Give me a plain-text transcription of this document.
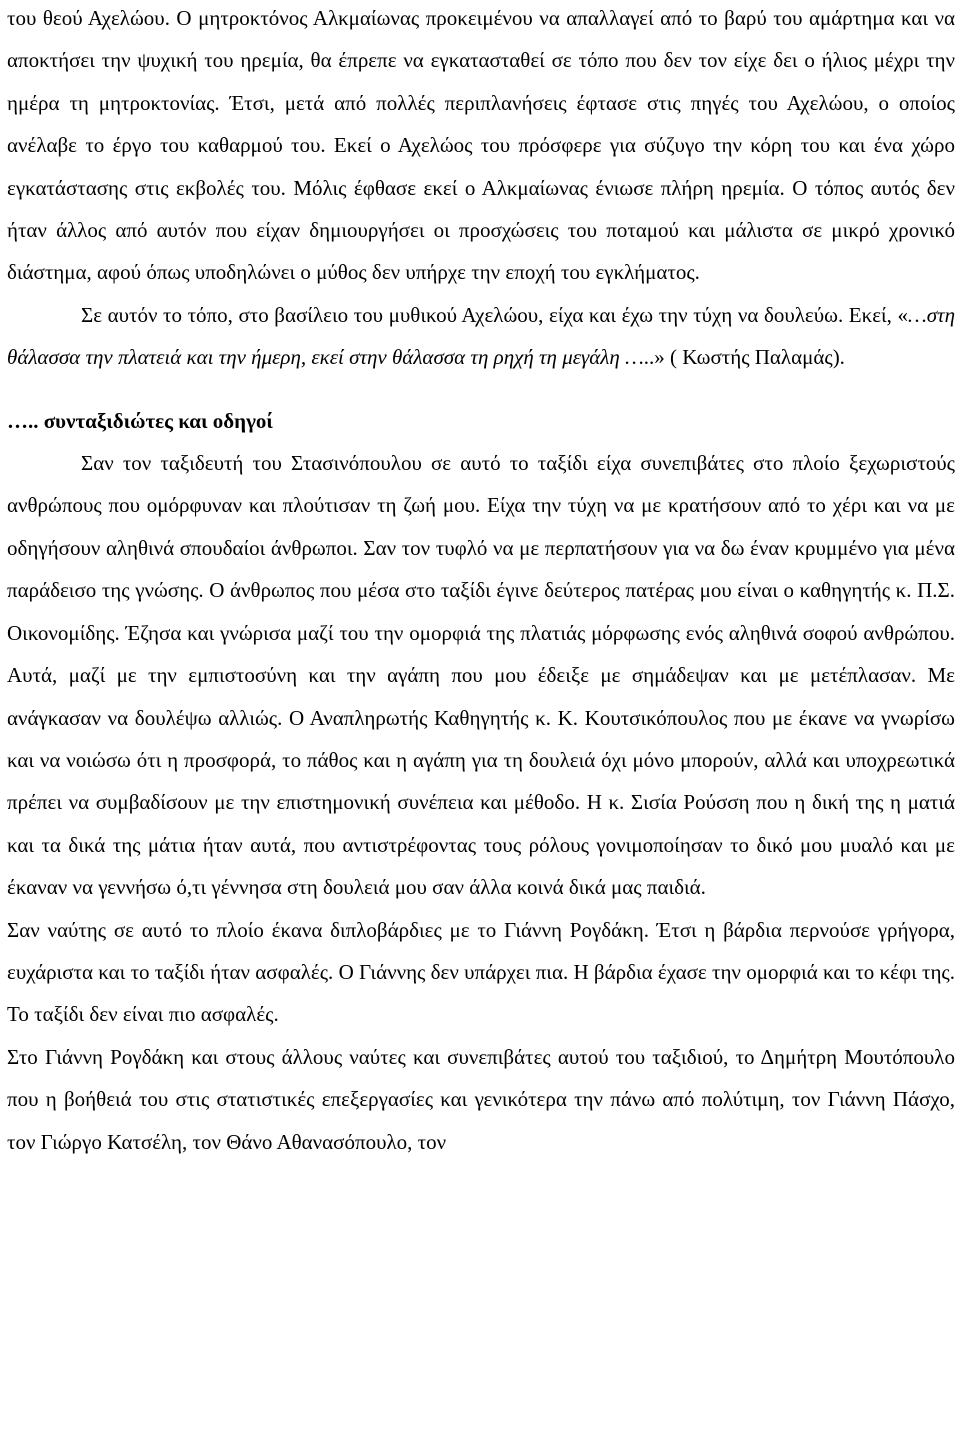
του θεού Αχελώου. Ο μητροκτόνος Αλκμαίωνας προκειμένου να απαλλαγεί από το βαρύ του αμάρτημα και να αποκτήσει την ψυχική του ηρεμία, θα έπρεπε να εγκατασταθεί σε τόπο που δεν τον είχε δει ο ήλιος μέχρι την ημέρα τη μητροκτονίας. Έτσι, μετά από πολλές περιπλανήσεις έφτασε στις πηγές του Αχελώου, ο οποίος ανέλαβε το έργο του καθαρμού του. Εκεί ο Αχελώος του πρόσφερε για σύζυγο την κόρη του και ένα χώρο εγκατάστασης στις εκβολές του. Μόλις έφθασε εκεί ο Αλκμαίωνας ένιωσε πλήρη ηρεμία. Ο τόπος αυτός δεν ήταν άλλος από αυτόν που είχαν δημιουργήσει οι προσχώσεις του ποταμού και μάλιστα σε μικρό χρονικό διάστημα, αφού όπως υποδηλώνει ο μύθος δεν υπήρχε την εποχή του εγκλήματος.

Σε αυτόν το τόπο, στο βασίλειο του μυθικού Αχελώου, είχα και έχω την τύχη να δουλεύω. Εκεί, «…στη θάλασσα την πλατειά και την ήμερη, εκεί στην θάλασσα τη ρηχή τη μεγάλη …..» ( Κωστής Παλαμάς).

….. συνταξιδιώτες και οδηγοί

Σαν τον ταξιδευτή του Στασινόπουλου σε αυτό το ταξίδι είχα συνεπιβάτες στο πλοίο ξεχωριστούς ανθρώπους που ομόρφυναν και πλούτισαν τη ζωή μου. Είχα την τύχη να με κρατήσουν από το χέρι και να με οδηγήσουν αληθινά σπουδαίοι άνθρωποι. Σαν τον τυφλό να με περπατήσουν για να δω έναν κρυμμένο για μένα παράδεισο της γνώσης. Ο άνθρωπος που μέσα στο ταξίδι έγινε δεύτερος πατέρας μου είναι ο καθηγητής κ. Π.Σ. Οικονομίδης. Έζησα και γνώρισα μαζί του την ομορφιά της πλατιάς μόρφωσης ενός αληθινά σοφού ανθρώπου. Αυτά, μαζί με την εμπιστοσύνη και την αγάπη που μου έδειξε με σημάδεψαν και με μετέπλασαν. Με ανάγκασαν να δουλέψω αλλιώς. Ο Αναπληρωτής Καθηγητής κ. Κ. Κουτσικόπουλος που με έκανε να γνωρίσω και να νοιώσω ότι η προσφορά, το πάθος και η αγάπη για τη δουλειά όχι μόνο μπορούν, αλλά και υποχρεωτικά πρέπει να συμβαδίσουν με την επιστημονική συνέπεια και μέθοδο. Η κ. Σισία Ρούσση που η δική της η ματιά και τα δικά της μάτια ήταν αυτά, που αντιστρέφοντας τους ρόλους γονιμοποίησαν το δικό μου μυαλό και με έκαναν να γεννήσω ό,τι γέννησα στη δουλειά μου σαν άλλα κοινά δικά μας παιδιά.

Σαν ναύτης σε αυτό το πλοίο έκανα διπλοβάρδιες με το Γιάννη Ρογδάκη. Έτσι η βάρδια περνούσε γρήγορα, ευχάριστα και το ταξίδι ήταν ασφαλές. Ο Γιάννης δεν υπάρχει πια. Η βάρδια έχασε την ομορφιά και το κέφι της. Το ταξίδι δεν είναι πιο ασφαλές.

Στο Γιάννη Ρογδάκη και στους άλλους ναύτες και συνεπιβάτες αυτού του ταξιδιού, το Δημήτρη Μουτόπουλο που η βοήθειά του στις στατιστικές επεξεργασίες και γενικότερα την πάνω από πολύτιμη, τον Γιάννη Πάσχο, τον Γιώργο Κατσέλη, τον Θάνο Αθανασόπουλο, τον
